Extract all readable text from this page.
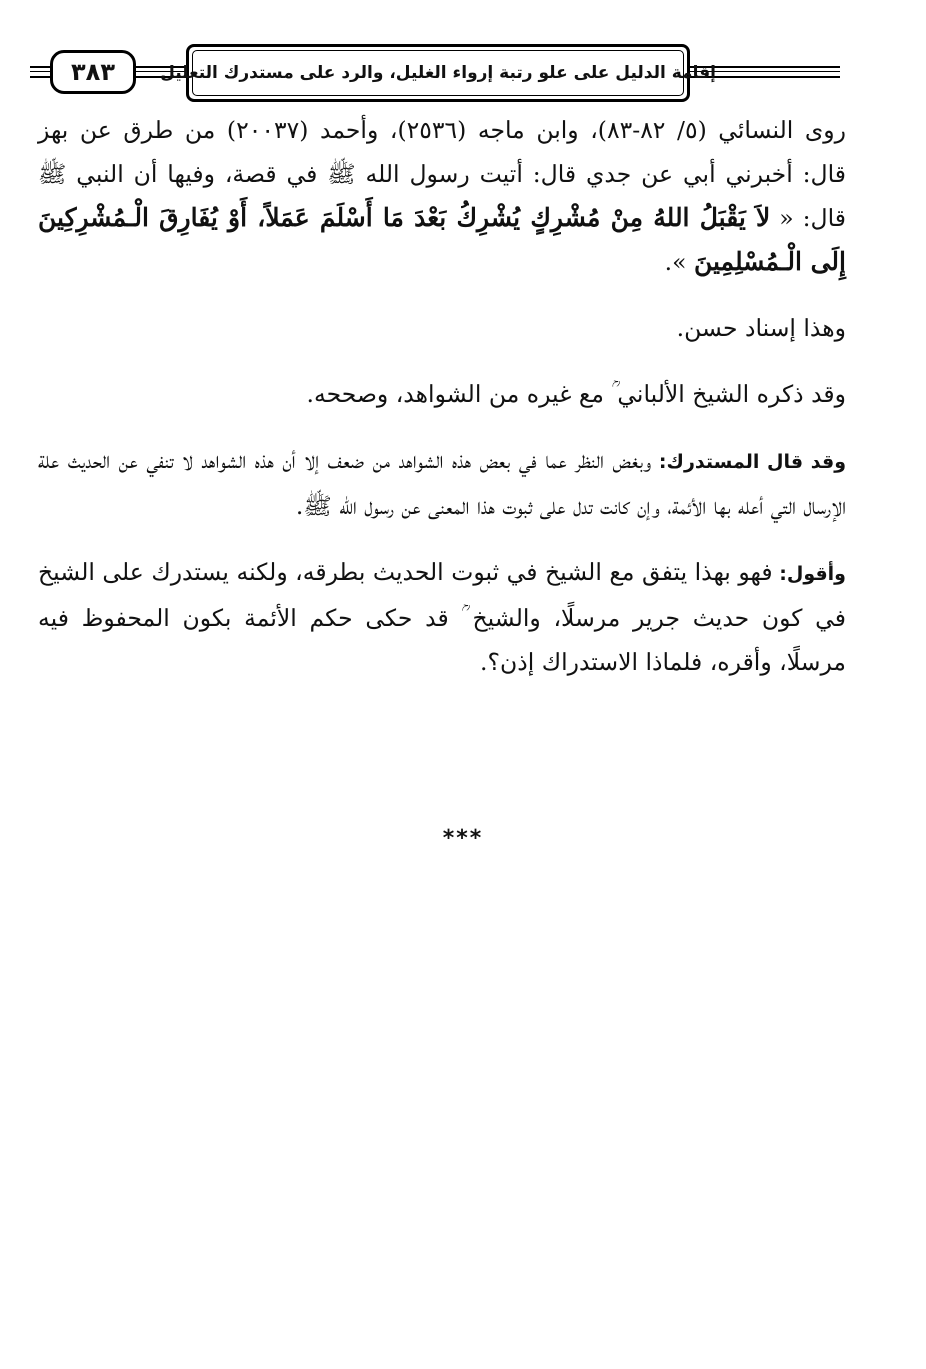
٣٨٣	إقامة الدليل على علو رتبة إرواء الغليل، والرد على مستدرك التعليل

روى النسائي (٥/ ٨٢-٨٣)، وابن ماجه (٢٥٣٦)، وأحمد (٢٠٠٣٧) من طرق عن بهز قال: أخبرني أبي عن جدي قال: أتيت رسول الله ﷺ في قصة، وفيها أن النبي ﷺ قال: « لاَ يَقْبَلُ اللهُ مِنْ مُشْرِكٍ يُشْرِكُ بَعْدَ مَا أَسْلَمَ عَمَلاً، أَوْ يُفَارِقَ الْـمُشْرِكِينَ إِلَى الْـمُسْلِمِينَ ».

وهذا إسناد حسن.

وقد ذكره الشيخ الألباني ؒ مع غيره من الشواهد، وصححه.

وقد قال المستدرك: وبغض النظر عما في بعض هذه الشواهد من ضعف إلا أن هذه الشواهد لا تنفي عن الحديث علة الإرسال التي أعله بها الأئمة، وإن كانت تدل على ثبوت هذا المعنى عن رسول الله ﷺ.

وأقول: فهو بهذا يتفق مع الشيخ في ثبوت الحديث بطرقه، ولكنه يستدرك على الشيخ في كون حديث جرير مرسلًا، والشيخ ؒ قد حكى حكم الأئمة بكون المحفوظ فيه مرسلًا، وأقره، فلماذا الاستدراك إذن؟.

***
